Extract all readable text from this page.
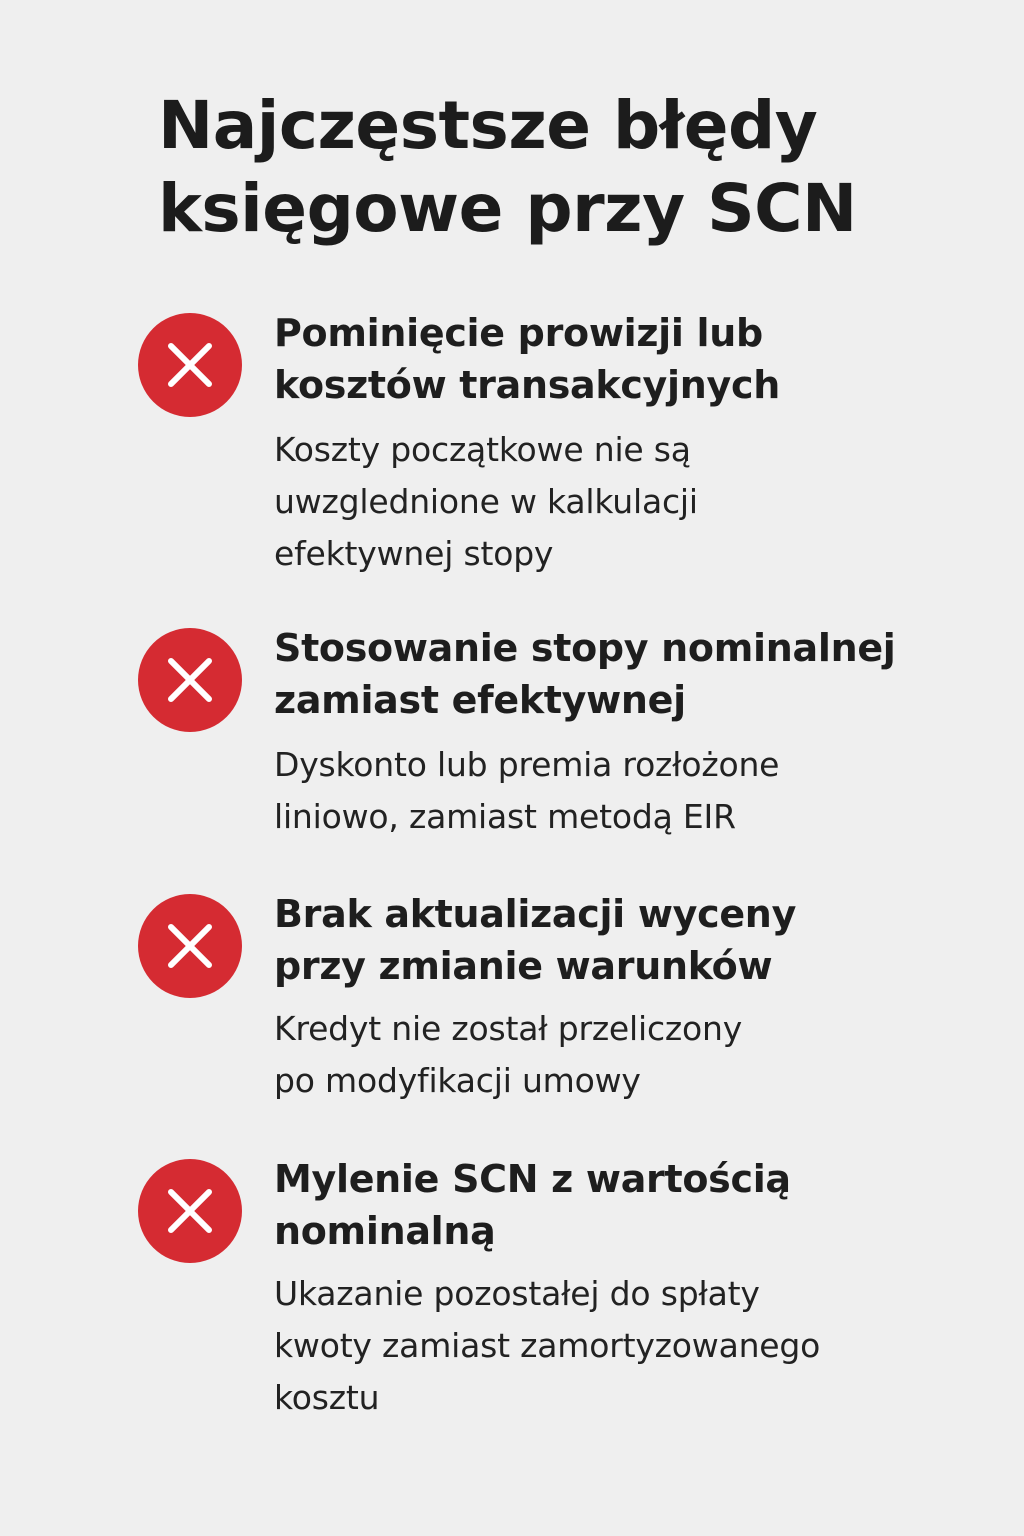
Najczęstsze błędy
księgowe przy SCN
Pominięcie prowizji lub
kosztów transakcyjnych

Koszty początkowe nie są
uwzglednione w kalkulacji
efektywnej stopy

Stosowanie stopy nominalnej
zamiast efektywnej

Dyskonto lub premia rozłożone
liniowo, zamiast metodą EIR

Brak aktualizacji wyceny
przy zmianie warunków

Kredyt nie został przeliczony
po modyfikacji umowy

Mylenie SCN z wartością
nominalną

Ukazanie pozostałej do spłaty
kwoty zamiast zamortyzowanego
kosztu
